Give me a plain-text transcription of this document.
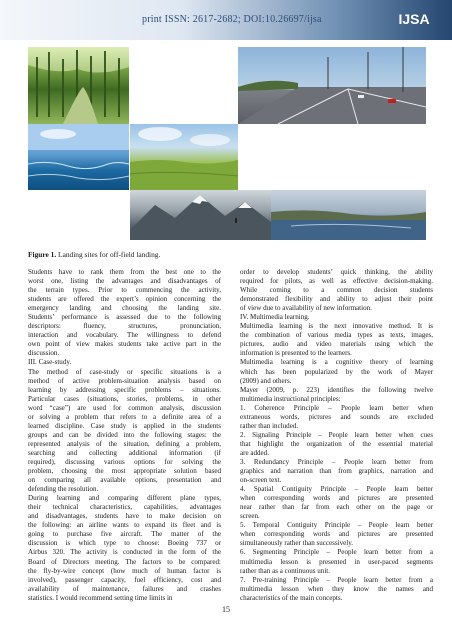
print ISSN: 2617-2682; DOI:10.26697/ijsa	IJSA
Figure 1. Landing sites for off-field landing.
Students have to rank them from the best one to the
worst one, listing the advantages and disadvantages of
the terrain types. Prior to commencing the activity,
students are offered the expert’s opinion concerning the
emergency landing and choosing the landing site.
Students’ performance is assessed due to the following
descriptors: fluency, structures, pronunciation,
interaction and vocabulary. The willingness to defend
own point of view makes students take active part in the
discussion.
III. Case-study.
The method of case-study or specific situations is a
method of active problem-situation analysis based on
learning by addressing specific problems – situations.
Particular cases (situations, stories, problems, in other
word “case”) are used for common analysis, discussion
or solving a problem that refers to a definite area of a
learned discipline. Case study is applied in the students
groups and can be divided into the following stages: the
represented analysis of the situation, defining a problem,
searching and collecting additional information (if
required), discussing various options for solving the
problem, choosing the most appropriate solution based
on comparing all available options, presentation and
defending the resolution.
During learning and comparing different plane types,
their technical characteristics, capabilities, advantages
and disadvantages, students have to make decision on
the following: an airline wants to expand its fleet and is
going to purchase five aircraft. The matter of the
discussion is which type to choose: Boeing 737 or
Airbus 320. The activity is conducted in the form of the
Board of Directors meeting. The factors to be compared:
the fly-by-wire concept (how much of human factor is
involved), passenger capacity, fuel efficiency, cost and
availability of maintenance, failures and crashes
statistics. I would recommend setting time limits in
order to develop students’ quick thinking, the ability
required for pilots, as well as effective decision-making.
While coming to a common decision students
demonstrated flexibility and ability to adjust their point
of view due to availability of new information.
IV. Multimedia learning.
Multimedia learning is the next innovative method. It is
the combination of various media types as texts, images,
pictures, audio and video materials using which the
information is presented to the learners.
Multimedia learning is a cognitive theory of learning
which has been popularized by the work of Mayer
(2009) and others.
Mayer (2009, p. 223) identifies the following twelve
multimedia instructional principles:
1. Coherence Principle – People learn better when
extraneous words, pictures and sounds are excluded
rather than included.
2. Signaling Principle – People learn better when cues
that highlight the organization of the essential material
are added.
3. Redundancy Principle – People learn better from
graphics and narration than from graphics, narration and
on-screen text.
4. Spatial Contiguity Principle – People learn better
when corresponding words and pictures are presented
near rather than far from each other on the page or
screen.
5. Temporal Contiguity Principle – People learn better
when corresponding words and pictures are presented
simultaneously rather than successively.
6. Segmenting Principle – People learn better from a
multimedia lesson is presented in user-paced segments
rather than as a continuous unit.
7. Pre-training Principle – People learn better from a
multimedia lesson when they know the names and
characteristics of the main concepts.
15
